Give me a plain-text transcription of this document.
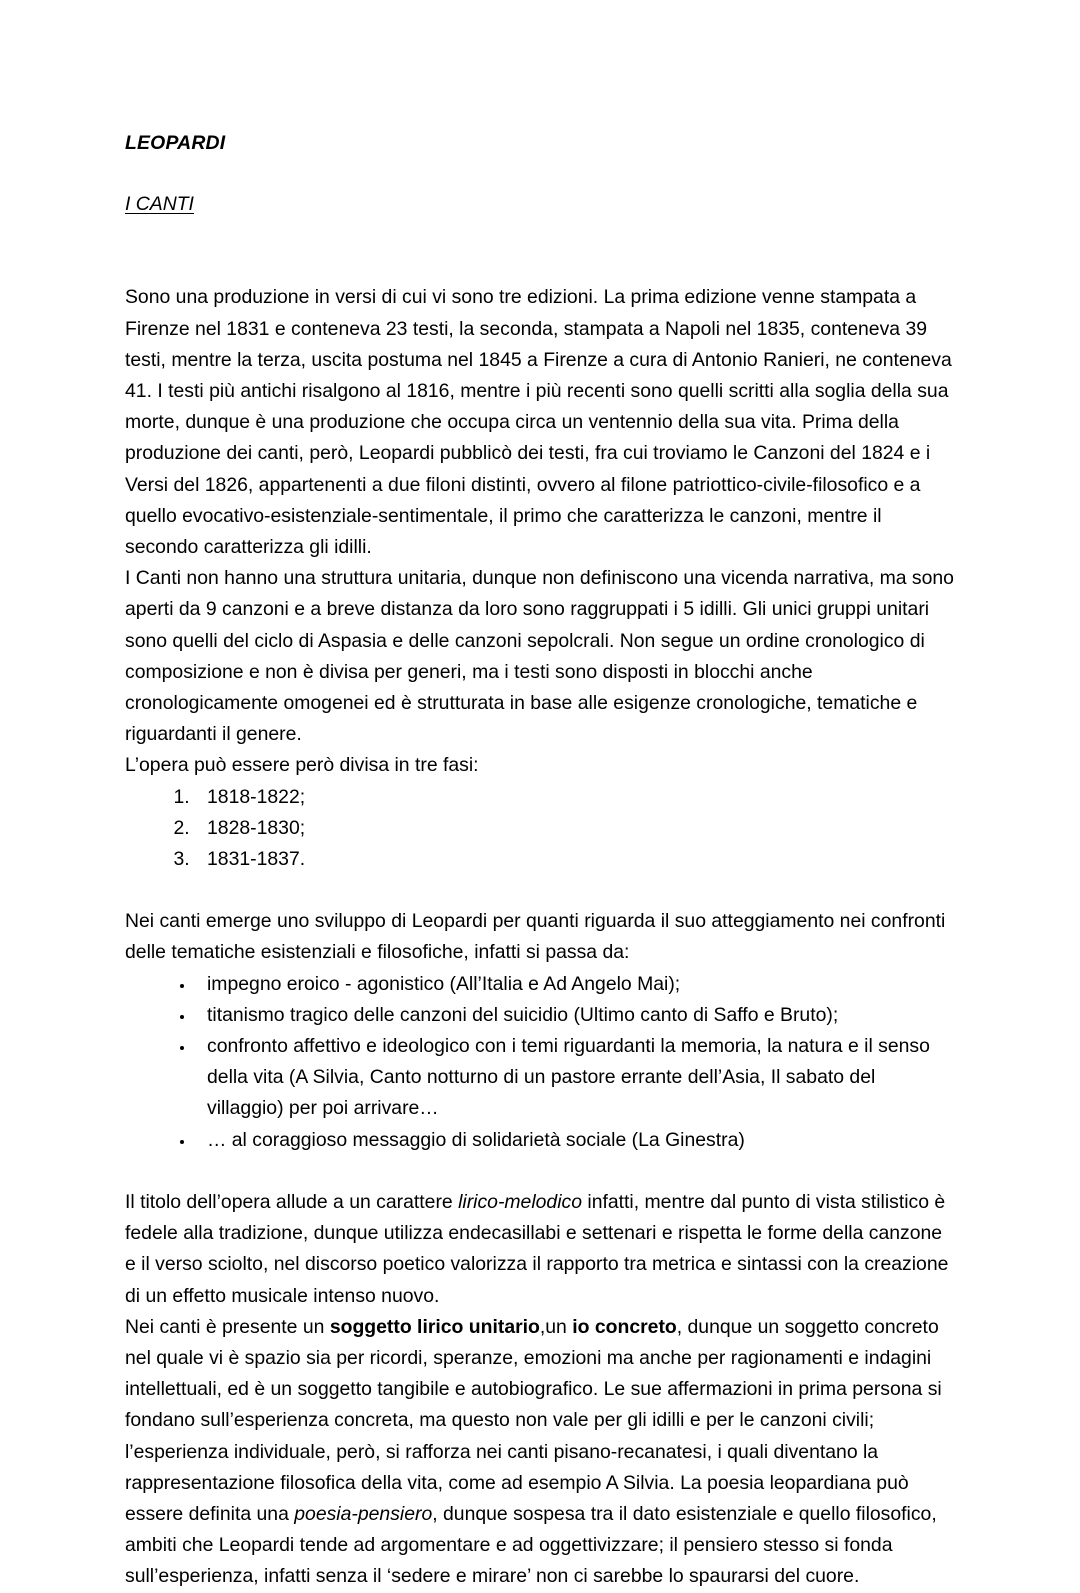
LEOPARDI
I CANTI

Sono una produzione in versi di cui vi sono tre edizioni. La prima edizione venne stampata a Firenze nel 1831 e conteneva 23 testi, la seconda, stampata a Napoli nel 1835, conteneva 39 testi, mentre la terza, uscita postuma nel 1845 a Firenze a cura di Antonio Ranieri, ne conteneva 41. I testi più antichi risalgono al 1816, mentre i più recenti sono quelli scritti alla soglia della sua morte, dunque è una produzione che occupa circa un ventennio della sua vita. Prima della produzione dei canti, però, Leopardi pubblicò dei testi, fra cui troviamo le Canzoni del 1824 e i Versi del 1826, appartenenti a due filoni distinti, ovvero al filone patriottico-civile-filosofico e a quello evocativo-esistenziale-sentimentale, il primo che caratterizza le canzoni, mentre il secondo caratterizza gli idilli.

I Canti non hanno una struttura unitaria, dunque non definiscono una vicenda narrativa, ma sono aperti da 9 canzoni e a breve distanza da loro sono raggruppati i 5 idilli. Gli unici gruppi unitari sono quelli del ciclo di Aspasia e delle canzoni sepolcrali. Non segue un ordine cronologico di composizione e non è divisa per generi, ma i testi sono disposti in blocchi anche cronologicamente omogenei ed è strutturata in base alle esigenze cronologiche, tematiche e riguardanti il genere.

L’opera può essere però divisa in tre fasi:

1. 1818-1822;
2. 1828-1830;
3. 1831-1837.

Nei canti emerge uno sviluppo di Leopardi per quanti riguarda il suo atteggiamento nei confronti delle tematiche esistenziali e filosofiche, infatti si passa da:

• impegno eroico - agonistico (All’Italia e Ad Angelo Mai);
• titanismo tragico delle canzoni del suicidio (Ultimo canto di Saffo e Bruto);
• confronto affettivo e ideologico con i temi riguardanti la memoria, la natura e il senso della vita (A Silvia, Canto notturno di un pastore errante dell’Asia, Il sabato del villaggio) per poi arrivare…
• … al coraggioso messaggio di solidarietà sociale (La Ginestra)

Il titolo dell’opera allude a un carattere lirico-melodico infatti, mentre dal punto di vista stilistico è fedele alla tradizione, dunque utilizza endecasillabi e settenari e rispetta le forme della canzone e il verso sciolto, nel discorso poetico valorizza il rapporto tra metrica e sintassi con la creazione di un effetto musicale intenso nuovo.

Nei canti è presente un soggetto lirico unitario,un io concreto, dunque un soggetto concreto nel quale vi è spazio sia per ricordi, speranze, emozioni ma anche per ragionamenti e indagini intellettuali, ed è un soggetto tangibile e autobiografico. Le sue affermazioni in prima persona si fondano sull’esperienza concreta, ma questo non vale per gli idilli e per le canzoni civili; l’esperienza individuale, però, si rafforza nei canti pisano-recanatesi, i quali diventano la rappresentazione filosofica della vita, come ad esempio A Silvia. La poesia leopardiana può essere definita una poesia-pensiero, dunque sospesa tra il dato esistenziale e quello filosofico, ambiti che Leopardi tende ad argomentare e ad oggettivizzare; il pensiero stesso si fonda sull’esperienza, infatti senza il ‘sedere e mirare’ non ci sarebbe lo spaurarsi del cuore.
